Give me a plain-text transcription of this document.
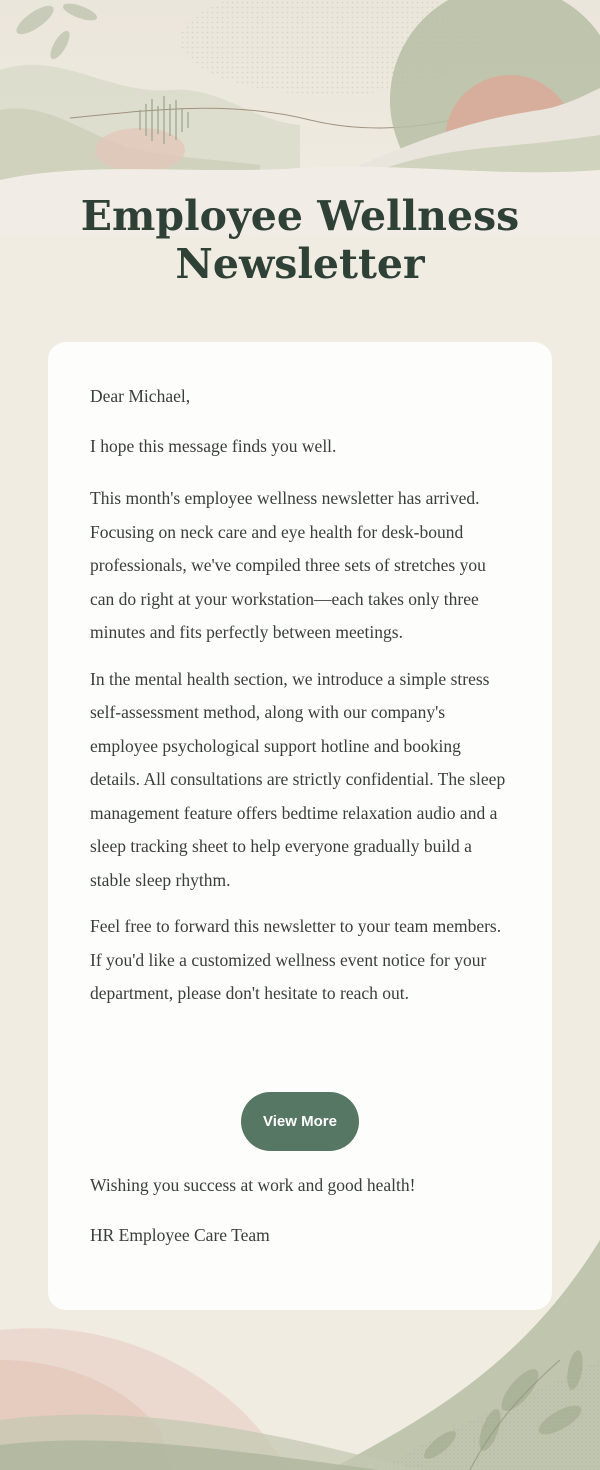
Employee Wellness Newsletter

Dear Michael,

I hope this message finds you well.

This month's employee wellness newsletter has arrived. Focusing on neck care and eye health for desk-bound professionals, we've compiled three sets of stretches you can do right at your workstation—each takes only three minutes and fits perfectly between meetings.

In the mental health section, we introduce a simple stress self-assessment method, along with our company's employee psychological support hotline and booking details. All consultations are strictly confidential. The sleep management feature offers bedtime relaxation audio and a sleep tracking sheet to help everyone gradually build a stable sleep rhythm.

Feel free to forward this newsletter to your team members. If you'd like a customized wellness event notice for your department, please don't hesitate to reach out.

View More

Wishing you success at work and good health!

HR Employee Care Team
